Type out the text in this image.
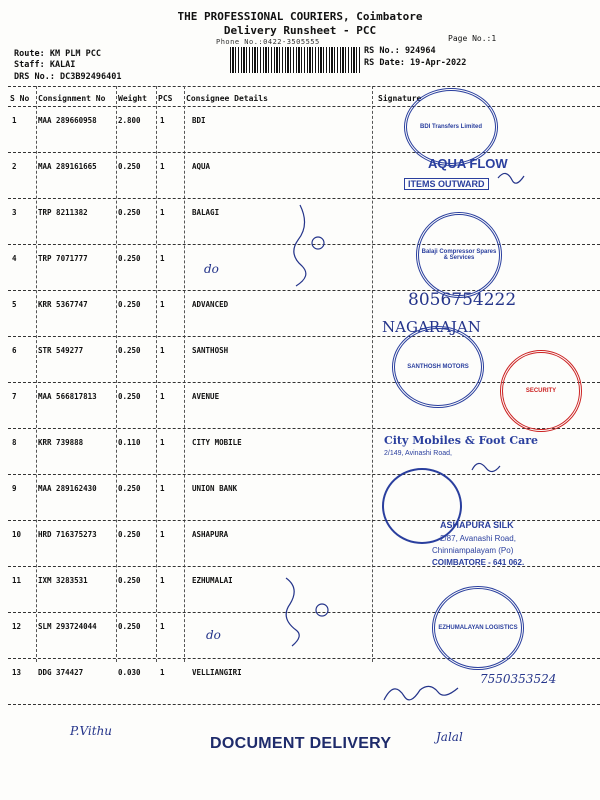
THE PROFESSIONAL COURIERS, Coimbatore
Delivery Runsheet - PCC
Phone No.:0422-3505555	Page No.:1
Route: KM PLM PCC
Staff: KALAI
DRS No.: DC3B92496401
RS No.: 924964
RS Date: 19-Apr-2022
S No Consignment No Weight PCS Consignee Details	Signature
1	MAA 289660958	2.800	1	BDI
2	MAA 289161665	0.250	1	AQUA
3	TRP 8211382	0.250	1	BALAGI
4	TRP 7071777	0.250	1
5	KRR 5367747	0.250	1	ADVANCED
6	STR 549277	0.250	1	SANTHOSH
7	MAA 566817813	0.250	1	AVENUE
8	KRR 739888	0.110	1	CITY MOBILE
9	MAA 289162430	0.250	1	UNION BANK
10 HRD 716375273	0.250	1	ASHAPURA
11 IXM 3283531	0.250	1	EZHUMALAI
12 SLM 293724044	0.250	1
13 DDG 374427	0.030	1	VELLIANGIRI
BDI Transfers Limited
AQUA FLOW
ITEMS OUTWARD
Balaji Compressor Spares & Services
8056754222
NAGARAJAN
SANTHOSH MOTORS
SECURITY
City Mobiles & Foot Care
2/149, Avinashi Road,
ASHAPURA SILK
2/87, Avanashi Road,
Chinniampalayam (Po)
COIMBATORE - 641 062.
EZHUMALAYAN LOGISTICS
7550353524
do
do
P.Vithu
DOCUMENT DELIVERY	Jalal
